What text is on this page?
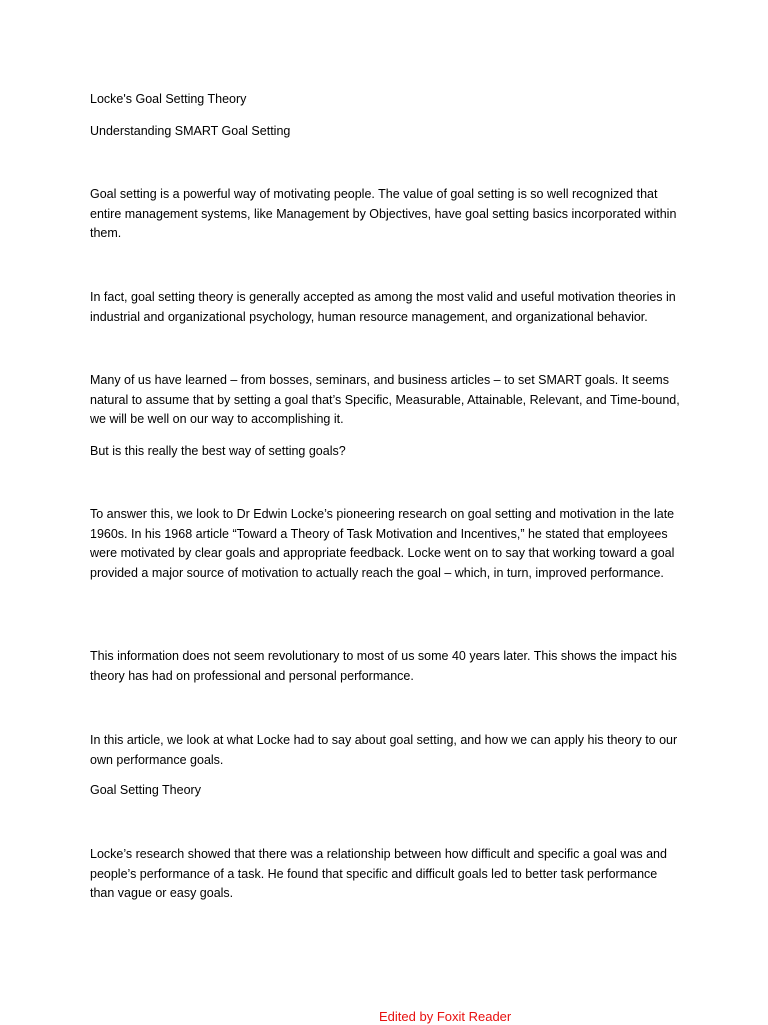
Locke's Goal Setting Theory
Understanding SMART Goal Setting
Goal setting is a powerful way of motivating people. The value of goal setting is so well recognized that entire management systems, like Management by Objectives, have goal setting basics incorporated within them.
In fact, goal setting theory is generally accepted as among the most valid and useful motivation theories in industrial and organizational psychology, human resource management, and organizational behavior.
Many of us have learned – from bosses, seminars, and business articles – to set SMART goals. It seems natural to assume that by setting a goal that’s Specific, Measurable, Attainable, Relevant, and Time-bound, we will be well on our way to accomplishing it.
But is this really the best way of setting goals?
To answer this, we look to Dr Edwin Locke’s pioneering research on goal setting and motivation in the late 1960s. In his 1968 article “Toward a Theory of Task Motivation and Incentives,” he stated that employees were motivated by clear goals and appropriate feedback. Locke went on to say that working toward a goal provided a major source of motivation to actually reach the goal – which, in turn, improved performance.
This information does not seem revolutionary to most of us some 40 years later. This shows the impact his theory has had on professional and personal performance.
In this article, we look at what Locke had to say about goal setting, and how we can apply his theory to our own performance goals.
Goal Setting Theory
Locke’s research showed that there was a relationship between how difficult and specific a goal was and people’s performance of a task. He found that specific and difficult goals led to better task performance than vague or easy goals.
Edited by Foxit Reader
